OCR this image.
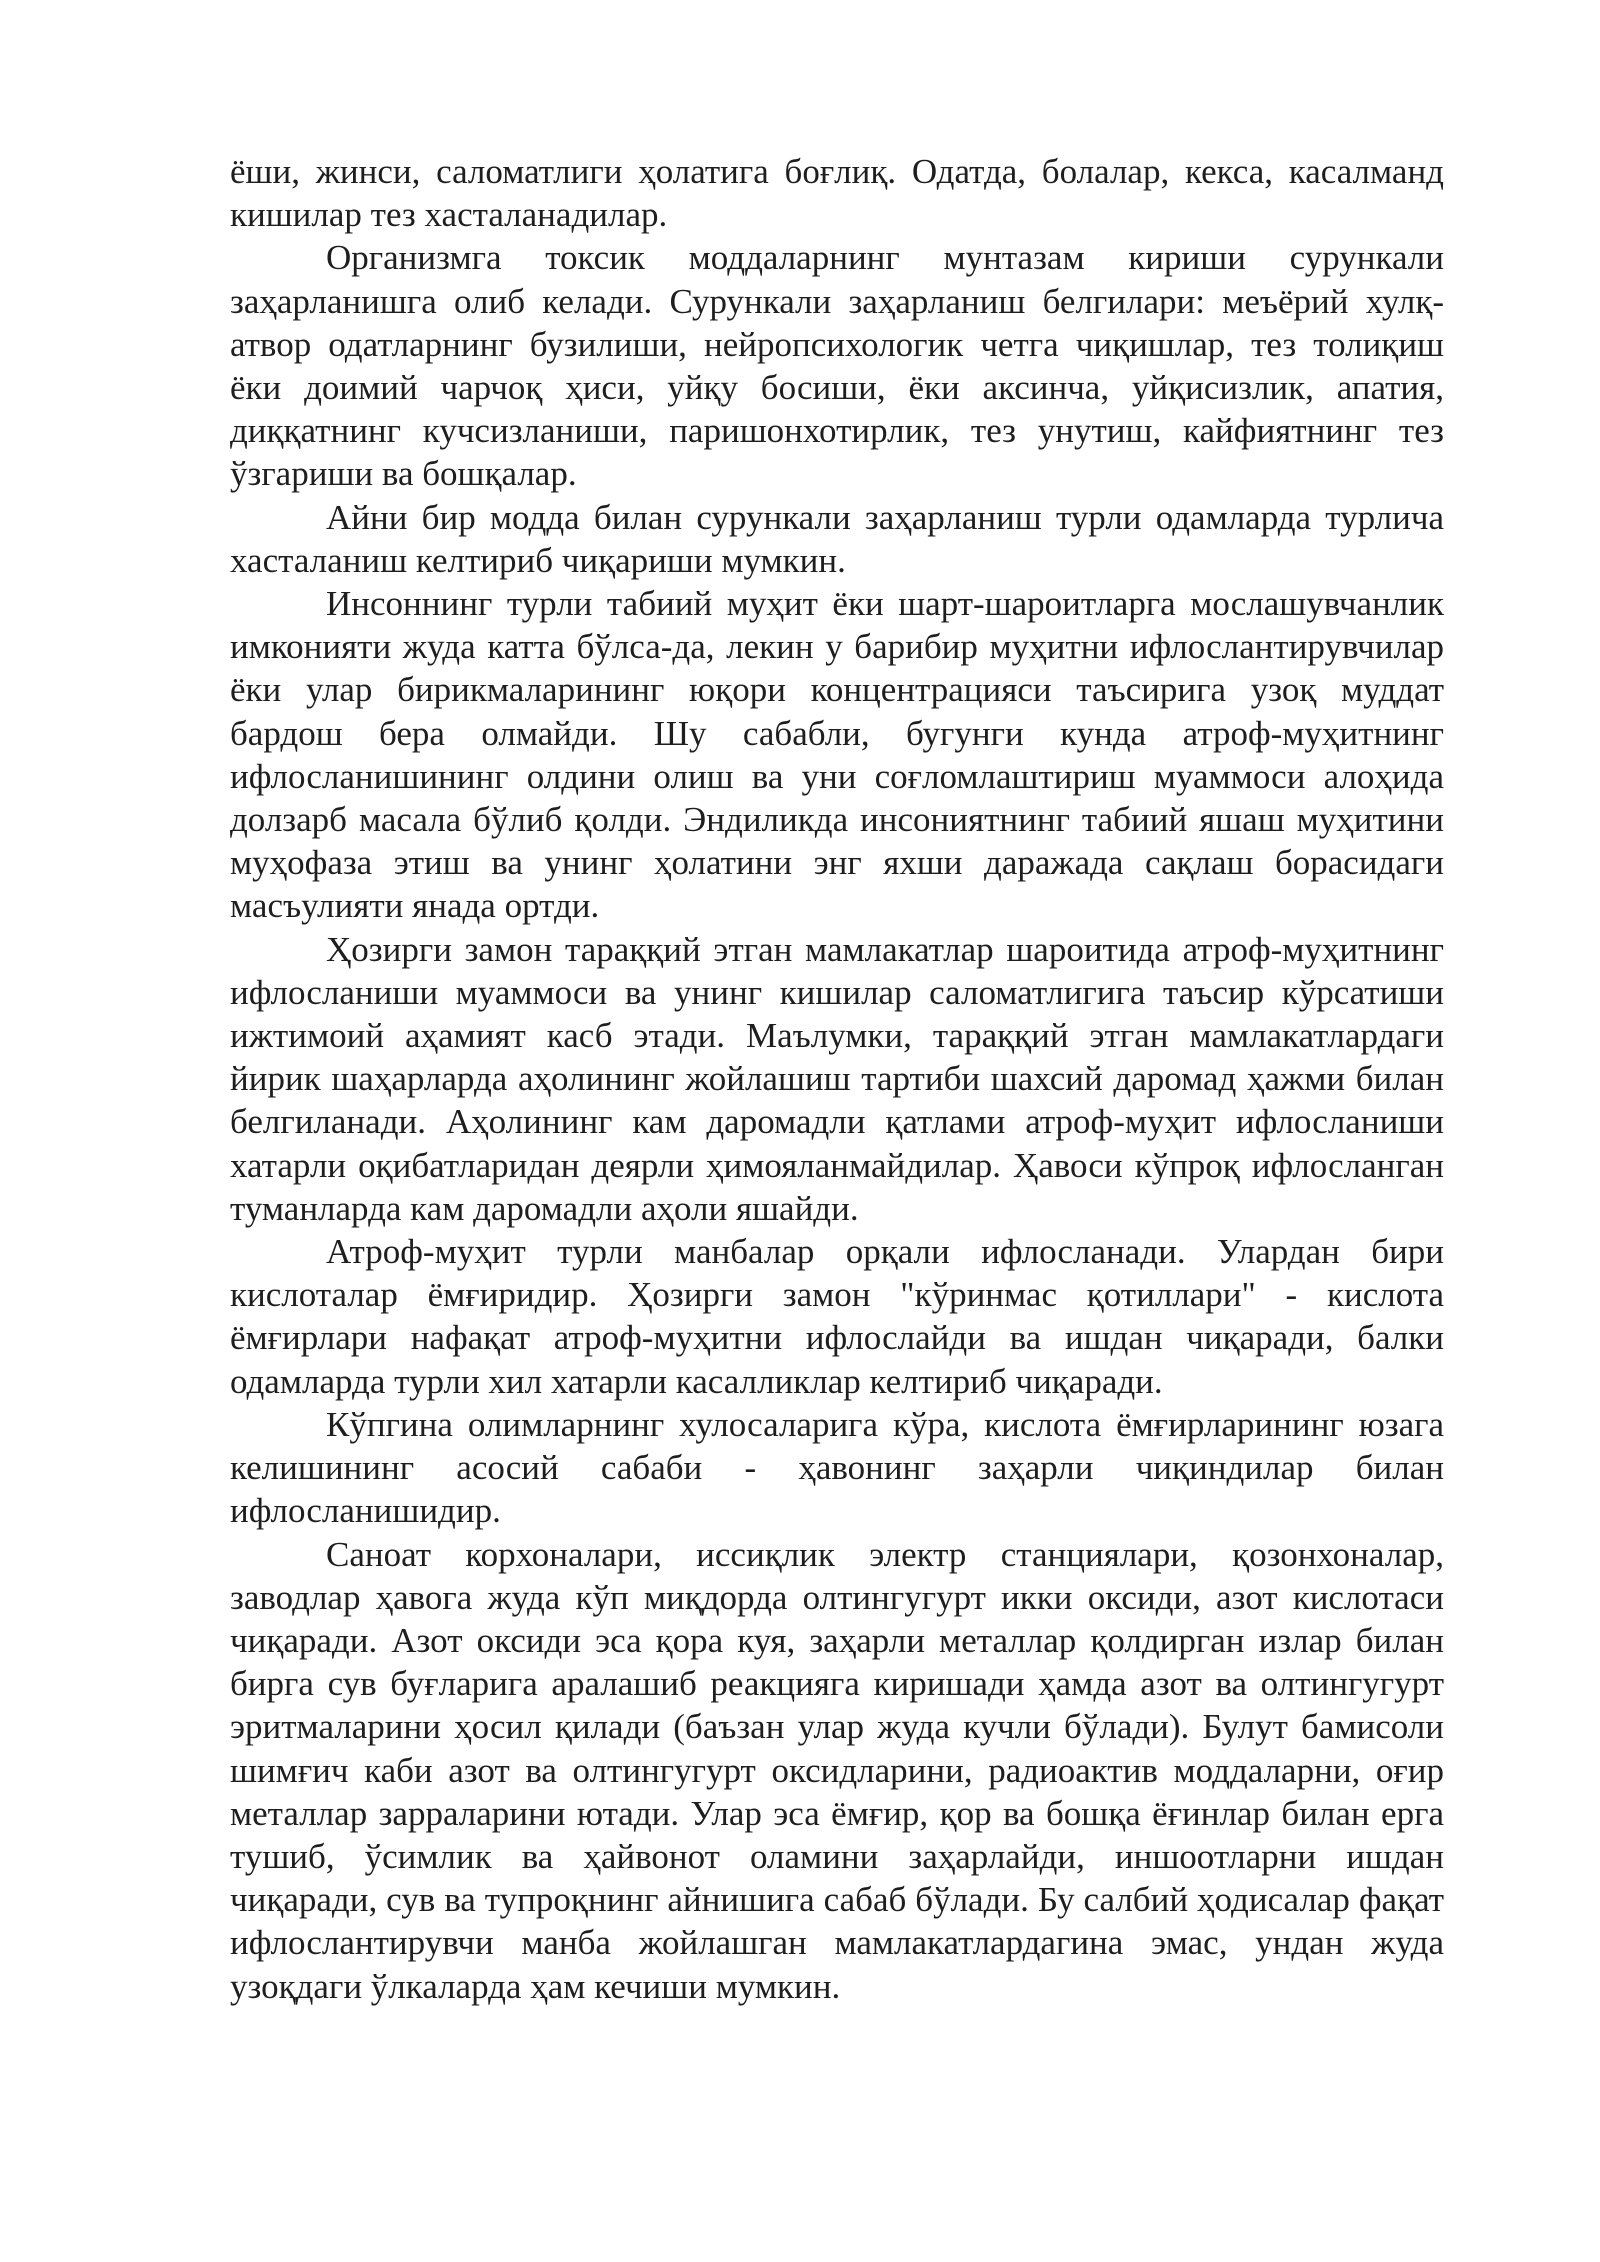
ёши, жинси, саломатлиги ҳолатига боғлиқ. Одатда, болалар, кекса, касалманд кишилар тез хасталанадилар.

Организмга токсик моддаларнинг мунтазам кириши сурункали заҳарланишга олиб келади. Сурункали заҳарланиш белгилари: меъёрий хулқ-атвор одатларнинг бузилиши, нейропсихологик четга чиқишлар, тез толиқиш ёки доимий чарчоқ ҳиси, уйқу босиши, ёки аксинча, уйқисизлик, апатия, диққатнинг кучсизланиши, паришонхотирлик, тез унутиш, кайфиятнинг тез ўзгариши ва бошқалар.

Айни бир модда билан сурункали заҳарланиш турли одамларда турлича хасталаниш келтириб чиқариши мумкин.

Инсоннинг турли табиий муҳит ёки шарт-шароитларга мослашувчанлик имконияти жуда катта бўлса-да, лекин у барибир муҳитни ифлослантирувчилар ёки улар бирикмаларининг юқори концентрацияси таъсирига узоқ муддат бардош бера олмайди. Шу сабабли, бугунги кунда атроф-муҳитнинг ифлосланишининг олдини олиш ва уни соғломлаштириш муаммоси алоҳида долзарб масала бўлиб қолди. Эндиликда инсониятнинг табиий яшаш муҳитини муҳофаза этиш ва унинг ҳолатини энг яхши даражада сақлаш борасидаги масъулияти янада ортди.

Ҳозирги замон тараққий этган мамлакатлар шароитида атроф-муҳитнинг ифлосланиши муаммоси ва унинг кишилар саломатлигига таъсир кўрсатиши ижтимоий аҳамият касб этади. Маълумки, тараққий этган мамлакатлардаги йирик шаҳарларда аҳолининг жойлашиш тартиби шахсий даромад ҳажми билан белгиланади. Аҳолининг кам даромадли қатлами атроф-муҳит ифлосланиши хатарли оқибатларидан деярли ҳимояланмайдилар. Ҳавоси кўпроқ ифлосланган туманларда кам даромадли аҳоли яшайди.

Атроф-муҳит турли манбалар орқали ифлосланади. Улардан бири кислоталар ёмғиридир. Ҳозирги замон "кўринмас қотиллари" - кислота ёмғирлари нафақат атроф-муҳитни ифлослайди ва ишдан чиқаради, балки одамларда турли хил хатарли касалликлар келтириб чиқаради.

Кўпгина олимларнинг хулосаларига кўра, кислота ёмғирларининг юзага келишининг асосий сабаби - ҳавонинг заҳарли чиқиндилар билан ифлосланишидир.

Саноат корхоналари, иссиқлик электр станциялари, қозонхоналар, заводлар ҳавога жуда кўп миқдорда олтингугурт икки оксиди, азот кислотаси чиқаради. Азот оксиди эса қора куя, заҳарли металлар қолдирган излар билан бирга сув буғларига аралашиб реакцияга киришади ҳамда азот ва олтингугурт эритмаларини ҳосил қилади (баъзан улар жуда кучли бўлади). Булут бамисоли шимғич каби азот ва олтингугурт оксидларини, радиоактив моддаларни, оғир металлар зарраларини ютади. Улар эса ёмғир, қор ва бошқа ёғинлар билан ерга тушиб, ўсимлик ва ҳайвонот оламини заҳарлайди, иншоотларни ишдан чиқаради, сув ва тупроқнинг айнишига сабаб бўлади. Бу салбий ҳодисалар фақат ифлослантирувчи манба жойлашган мамлакатлардагина эмас, ундан жуда узоқдаги ўлкаларда ҳам кечиши мумкин.
